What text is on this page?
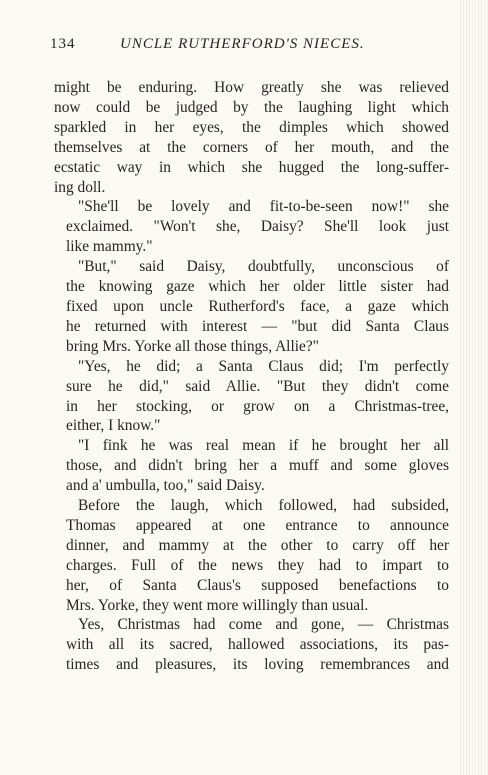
134	UNCLE RUTHERFORD'S NIECES.

might be enduring. How greatly she was relieved
now could be judged by the laughing light which
sparkled in her eyes, the dimples which showed
themselves at the corners of her mouth, and the
ecstatic way in which she hugged the long-suffer-
ing doll.

"She'll be lovely and fit-to-be-seen now!" she
exclaimed. "Won't she, Daisy? She'll look just
like mammy."

"But," said Daisy, doubtfully, unconscious of
the knowing gaze which her older little sister had
fixed upon uncle Rutherford's face, a gaze which
he returned with interest — "but did Santa Claus
bring Mrs. Yorke all those things, Allie?"

"Yes, he did; a Santa Claus did; I'm perfectly
sure he did," said Allie. "But they didn't come
in her stocking, or grow on a Christmas-tree,
either, I know."

"I fink he was real mean if he brought her all
those, and didn't bring her a muff and some gloves
and a' umbulla, too," said Daisy.

Before the laugh, which followed, had subsided,
Thomas appeared at one entrance to announce
dinner, and mammy at the other to carry off her
charges. Full of the news they had to impart to
her, of Santa Claus's supposed benefactions to
Mrs. Yorke, they went more willingly than usual.

Yes, Christmas had come and gone, — Christmas
with all its sacred, hallowed associations, its pas-
times and pleasures, its loving remembrances and
